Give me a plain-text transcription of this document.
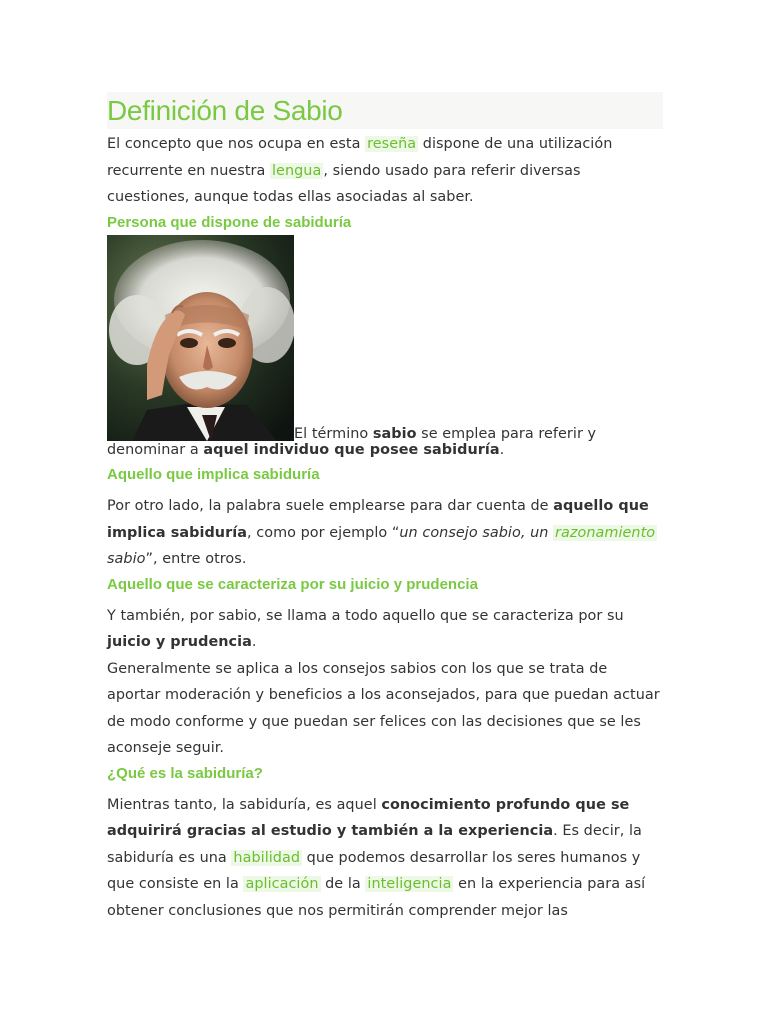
Definición de Sabio

El concepto que nos ocupa en esta reseña dispone de una utilización recurrente en nuestra lengua , siendo usado para referir diversas cuestiones, aunque todas ellas asociadas al saber.

Persona que dispone de sabiduría

El término sabio se emplea para referir y

denominar a aquel individuo que posee sabiduría.

Aquello que implica sabiduría

Por otro lado, la palabra suele emplearse para dar cuenta de aquello que implica sabiduría, como por ejemplo “un consejo sabio, un razonamiento sabio”, entre otros.

Aquello que se caracteriza por su juicio y prudencia

Y también, por sabio, se llama a todo aquello que se caracteriza por su juicio y prudencia.

Generalmente se aplica a los consejos sabios con los que se trata de aportar moderación y beneficios a los aconsejados, para que puedan actuar de modo conforme y que puedan ser felices con las decisiones que se les aconseje seguir.

¿Qué es la sabiduría?

Mientras tanto, la sabiduría, es aquel conocimiento profundo que se adquirirá gracias al estudio y también a la experiencia. Es decir, la sabiduría es una habilidad que podemos desarrollar los seres humanos y que consiste en la aplicación de la inteligencia en la experiencia para así obtener conclusiones que nos permitirán comprender mejor las
